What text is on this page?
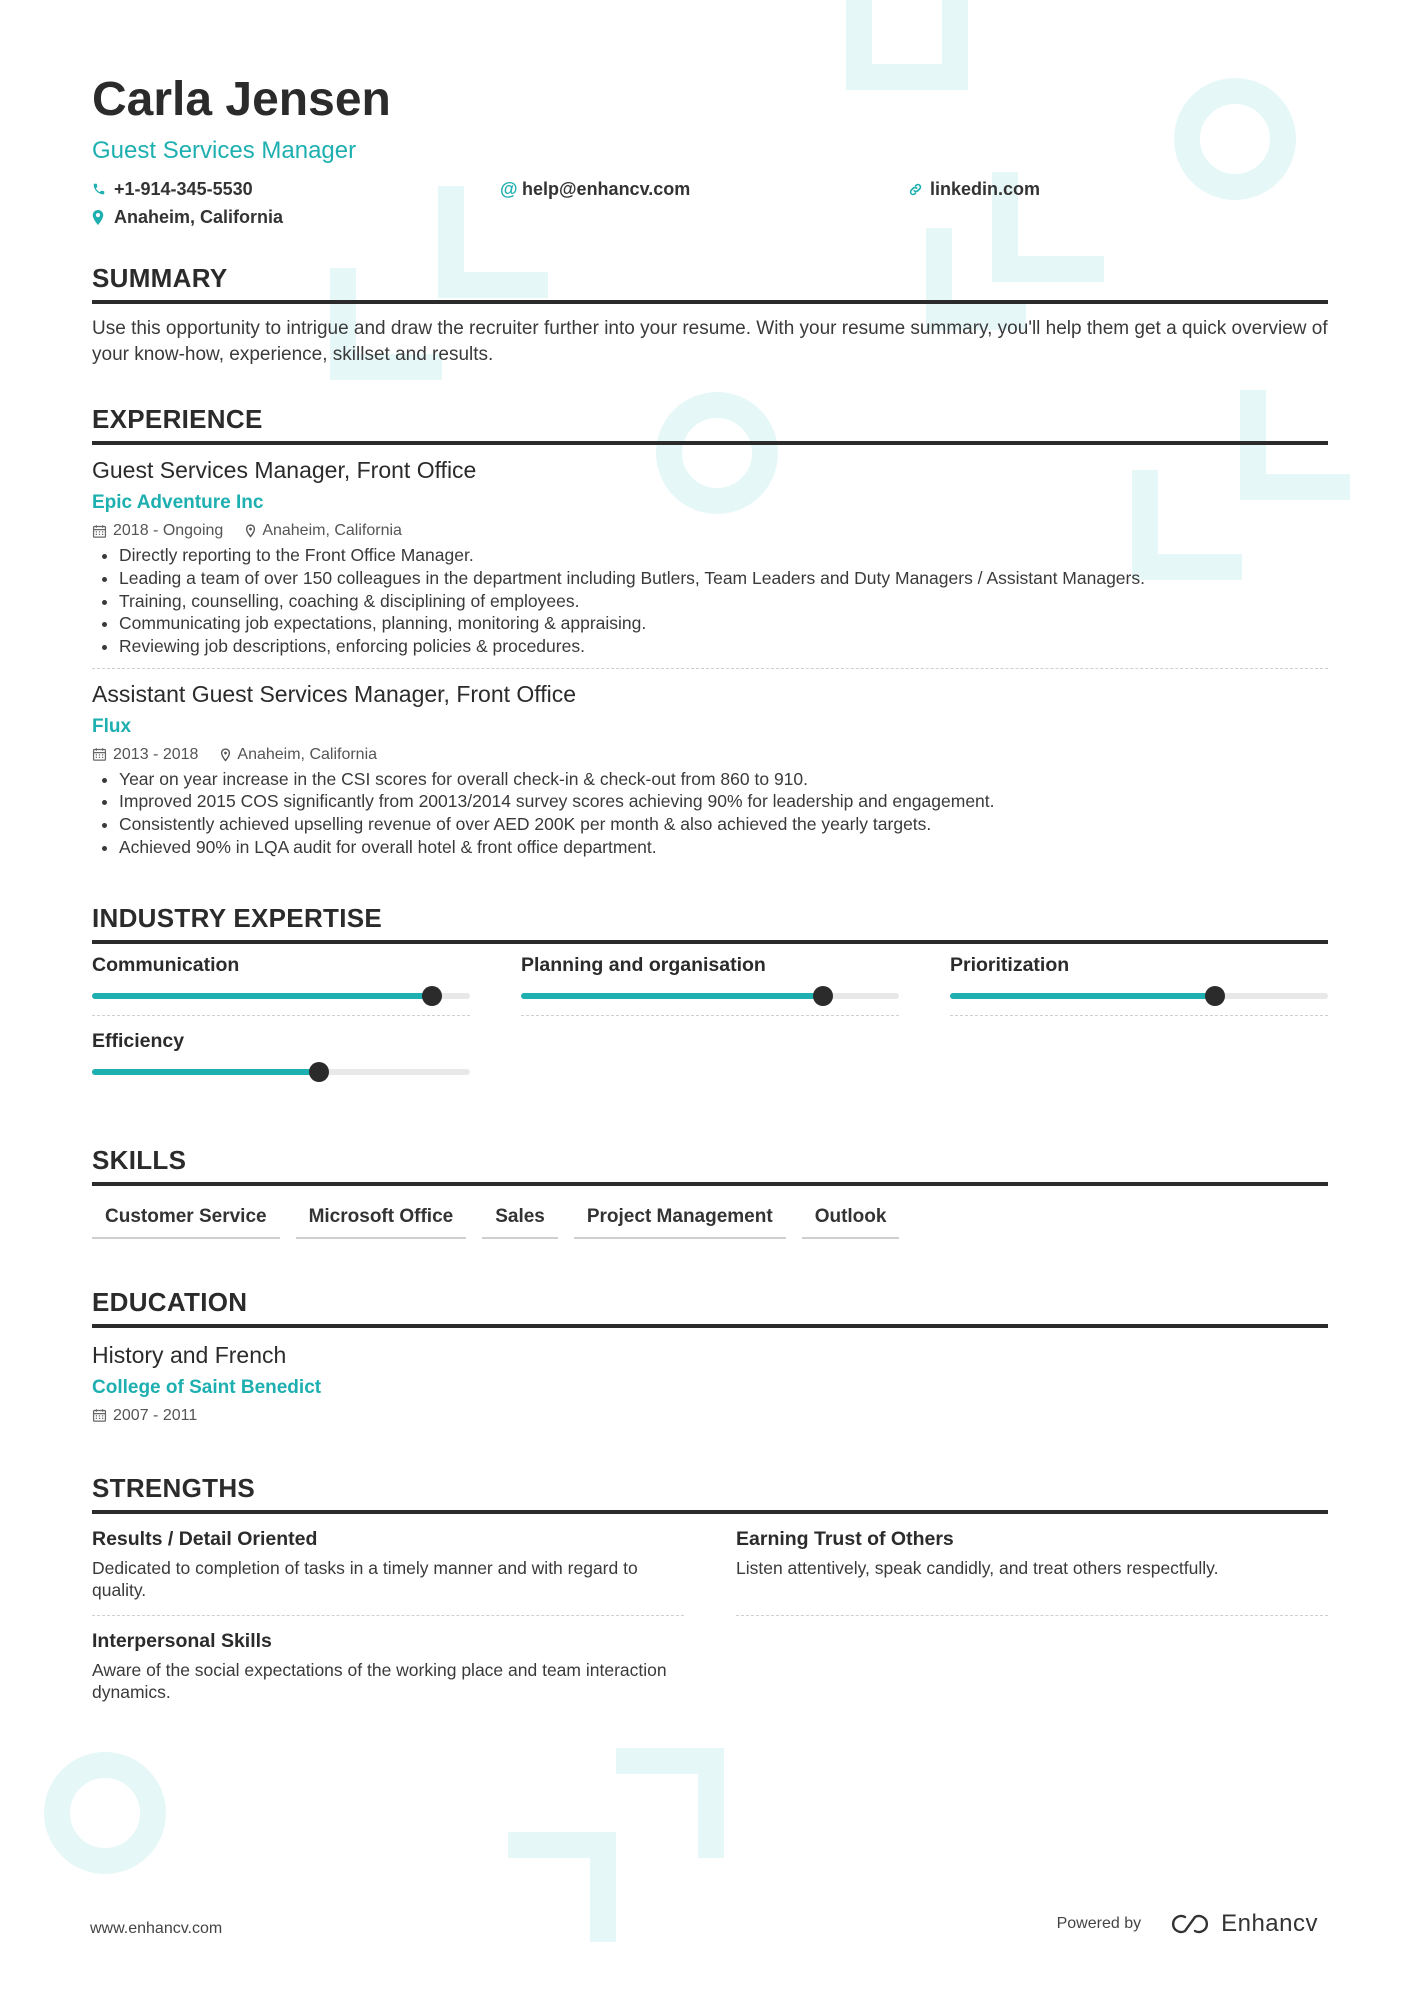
Carla Jensen
Guest Services Manager
+1-914-345-5530	@ help@enhancv.com	linkedin.com
Anaheim, California
SUMMARY
Use this opportunity to intrigue and draw the recruiter further into your resume. With your resume summary, you'll help them get a quick overview of your know-how, experience, skillset and results.
EXPERIENCE
Guest Services Manager, Front Office
Epic Adventure Inc
2018 - Ongoing Anaheim, California
• Directly reporting to the Front Office Manager.
• Leading a team of over 150 colleagues in the department including Butlers, Team Leaders and Duty Managers / Assistant Managers.
• Training, counselling, coaching & disciplining of employees.
• Communicating job expectations, planning, monitoring & appraising.
• Reviewing job descriptions, enforcing policies & procedures.
Assistant Guest Services Manager, Front Office
Flux
2013 - 2018 Anaheim, California
• Year on year increase in the CSI scores for overall check-in & check-out from 860 to 910.
• Improved 2015 COS significantly from 20013/2014 survey scores achieving 90% for leadership and engagement.
• Consistently achieved upselling revenue of over AED 200K per month & also achieved the yearly targets.
• Achieved 90% in LQA audit for overall hotel & front office department.
INDUSTRY EXPERTISE
Communication	Planning and organisation	Prioritization
Efficiency
SKILLS
Customer Service	Microsoft Office	Sales	Project Management	Outlook
EDUCATION
History and French
College of Saint Benedict
2007 - 2011
STRENGTHS
Results / Detail Oriented
Dedicated to completion of tasks in a timely manner and with regard to quality.
Earning Trust of Others
Listen attentively, speak candidly, and treat others respectfully.
Interpersonal Skills
Aware of the social expectations of the working place and team interaction dynamics.
www.enhancv.com	Powered by	Enhancv
